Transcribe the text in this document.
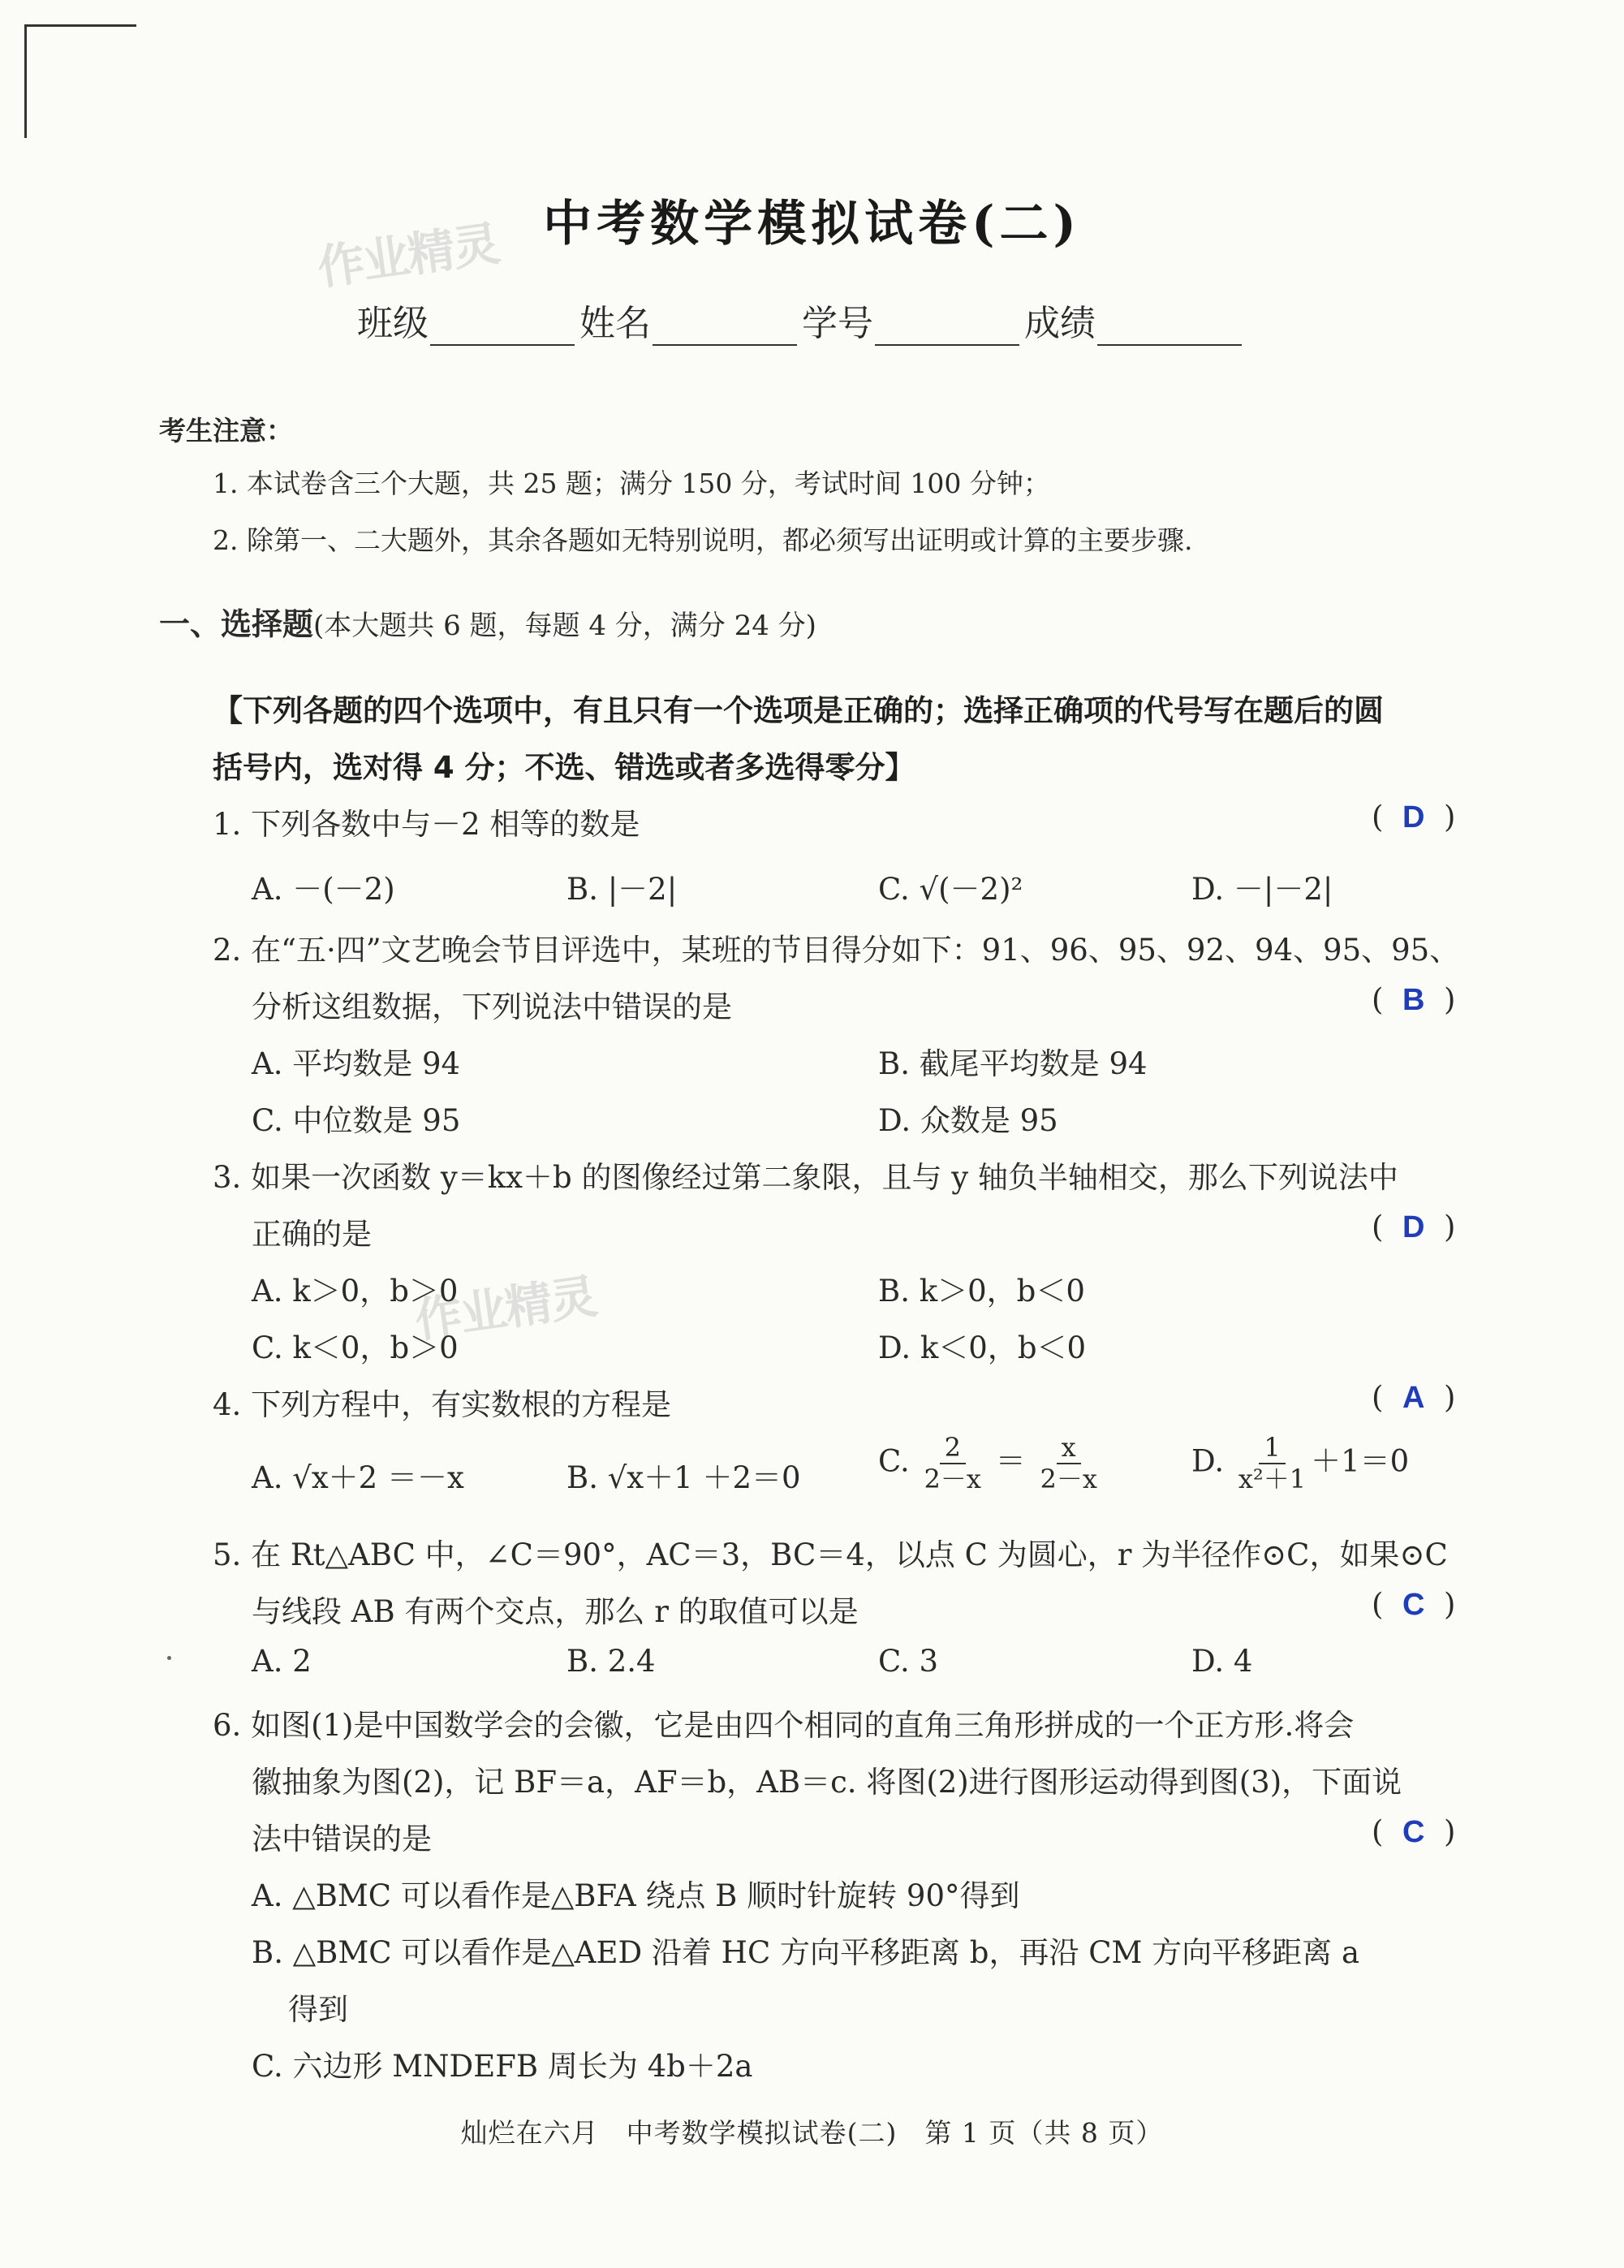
作业精灵
作业精灵
中考数学模拟试卷(二)
班级	姓名	学号	成绩
考生注意：
1. 本试卷含三个大题，共 25 题；满分 150 分，考试时间 100 分钟；
2. 除第一、二大题外，其余各题如无特别说明，都必须写出证明或计算的主要步骤.
一、选择题(本大题共 6 题，每题 4 分，满分 24 分)
【下列各题的四个选项中，有且只有一个选项是正确的；选择正确项的代号写在题后的圆
括号内，选对得 4 分；不选、错选或者多选得零分】
1. 下列各数中与－2 相等的数是	( D )
A. －(－2)	B. |－2|	C. √(－2)²	D. －|－2|
2. 在“五·四”文艺晚会节目评选中，某班的节目得分如下：91、96、95、92、94、95、95、
分析这组数据，下列说法中错误的是	( B )
A. 平均数是 94	B. 截尾平均数是 94
C. 中位数是 95	D. 众数是 95
3. 如果一次函数 y＝kx＋b 的图像经过第二象限，且与 y 轴负半轴相交，那么下列说法中
正确的是	( D )
A. k＞0，b＞0	B. k＞0，b＜0
C. k＜0，b＞0	D. k＜0，b＜0
4. 下列方程中，有实数根的方程是	( A )
A. √x＋2 ＝－x	B. √x＋1 ＋2＝0	C. $\frac{2}{2-x} = \frac{x}{2-x}$	D. $\frac{1}{\text{x²＋1}} +1=0$
5. 在 Rt△ABC 中，∠C＝90°，AC＝3，BC＝4，以点 C 为圆心，r 为半径作⊙C，如果⊙C
与线段 AB 有两个交点，那么 r 的取值可以是	( C )
A. 2	B. 2.4	C. 3	D. 4
6. 如图(1)是中国数学会的会徽，它是由四个相同的直角三角形拼成的一个正方形.将会
徽抽象为图(2)，记 BF＝a，AF＝b，AB＝c. 将图(2)进行图形运动得到图(3)，下面说
法中错误的是	( C )
A. △BMC 可以看作是△BFA 绕点 B 顺时针旋转 90°得到
B. △BMC 可以看作是△AED 沿着 HC 方向平移距离 b，再沿 CM 方向平移距离 a
得到
C. 六边形 MNDEFB 周长为 4b＋2a
灿烂在六月　中考数学模拟试卷(二)　第 1 页（共 8 页）
